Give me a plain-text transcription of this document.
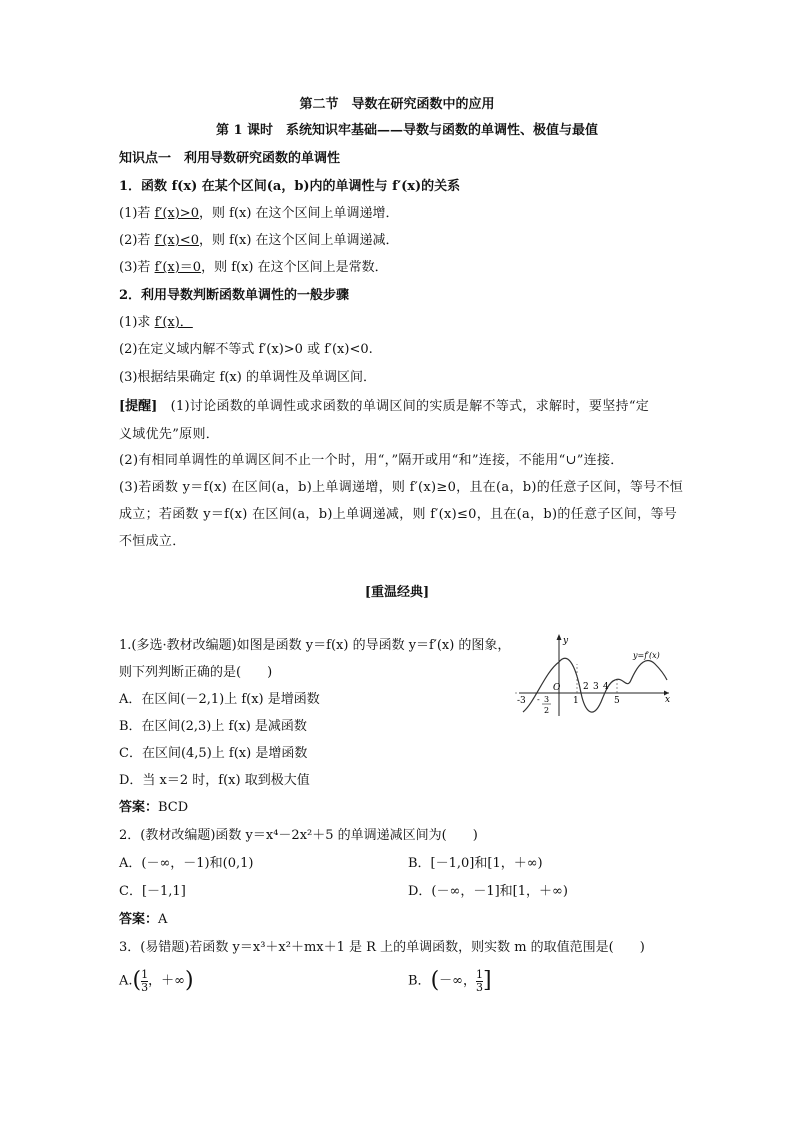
第二节　导数在研究函数中的应用
第 1 课时　系统知识牢基础——导数与函数的单调性、极值与最值
知识点一　利用导数研究函数的单调性
1．函数 f(x) 在某个区间(a，b)内的单调性与 f′(x)的关系
(1)若 f′(x)>0，则 f(x) 在这个区间上单调递增．
(2)若 f′(x)<0，则 f(x) 在这个区间上单调递减．
(3)若 f′(x)＝0，则 f(x) 在这个区间上是常数．
2．利用导数判断函数单调性的一般步骤
(1)求 f′(x)．
(2)在定义域内解不等式 f′(x)>0 或 f′(x)<0.
(3)根据结果确定 f(x) 的单调性及单调区间．
[提醒]　(1)讨论函数的单调性或求函数的单调区间的实质是解不等式，求解时，要坚持“定
义域优先”原则．
(2)有相同单调性的单调区间不止一个时，用“，”隔开或用“和”连接，不能用“∪”连接．
(3)若函数 y＝f(x) 在区间(a，b)上单调递增，则 f′(x)≥0，且在(a，b)的任意子区间，等号不恒
成立；若函数 y＝f(x) 在区间(a，b)上单调递减，则 f′(x)≤0，且在(a，b)的任意子区间，等号
不恒成立．
[重温经典]
1.(多选·教材改编题)如图是函数 y＝f(x) 的导函数 y＝f′(x) 的图象，
则下列判断正确的是(　　)
A．在区间(－2,1)上 f(x) 是增函数
B．在区间(2,3)上 f(x) 是减函数
C．在区间(4,5)上 f(x) 是增函数
D．当 x＝2 时，f(x) 取到极大值
答案：BCD
y
x
O
-3	1
2 3 4
5
- 3
2
y=f′(x)
2．(教材改编题)函数 y＝x⁴－2x²＋5 的单调递减区间为(　　)
A．(－∞，－1)和(0,1)	B．[－1,0]和[1，＋∞)
C．[－1,1]	D．(－∞，－1]和[1，＋∞)
答案：A
3．(易错题)若函数 y＝x³＋x²＋mx＋1 是 R 上的单调函数，则实数 m 的取值范围是(　　)
$A.( \frac{1}{3}$ ，＋∞)	B．(－∞， $\frac{1}{3}$ ]
